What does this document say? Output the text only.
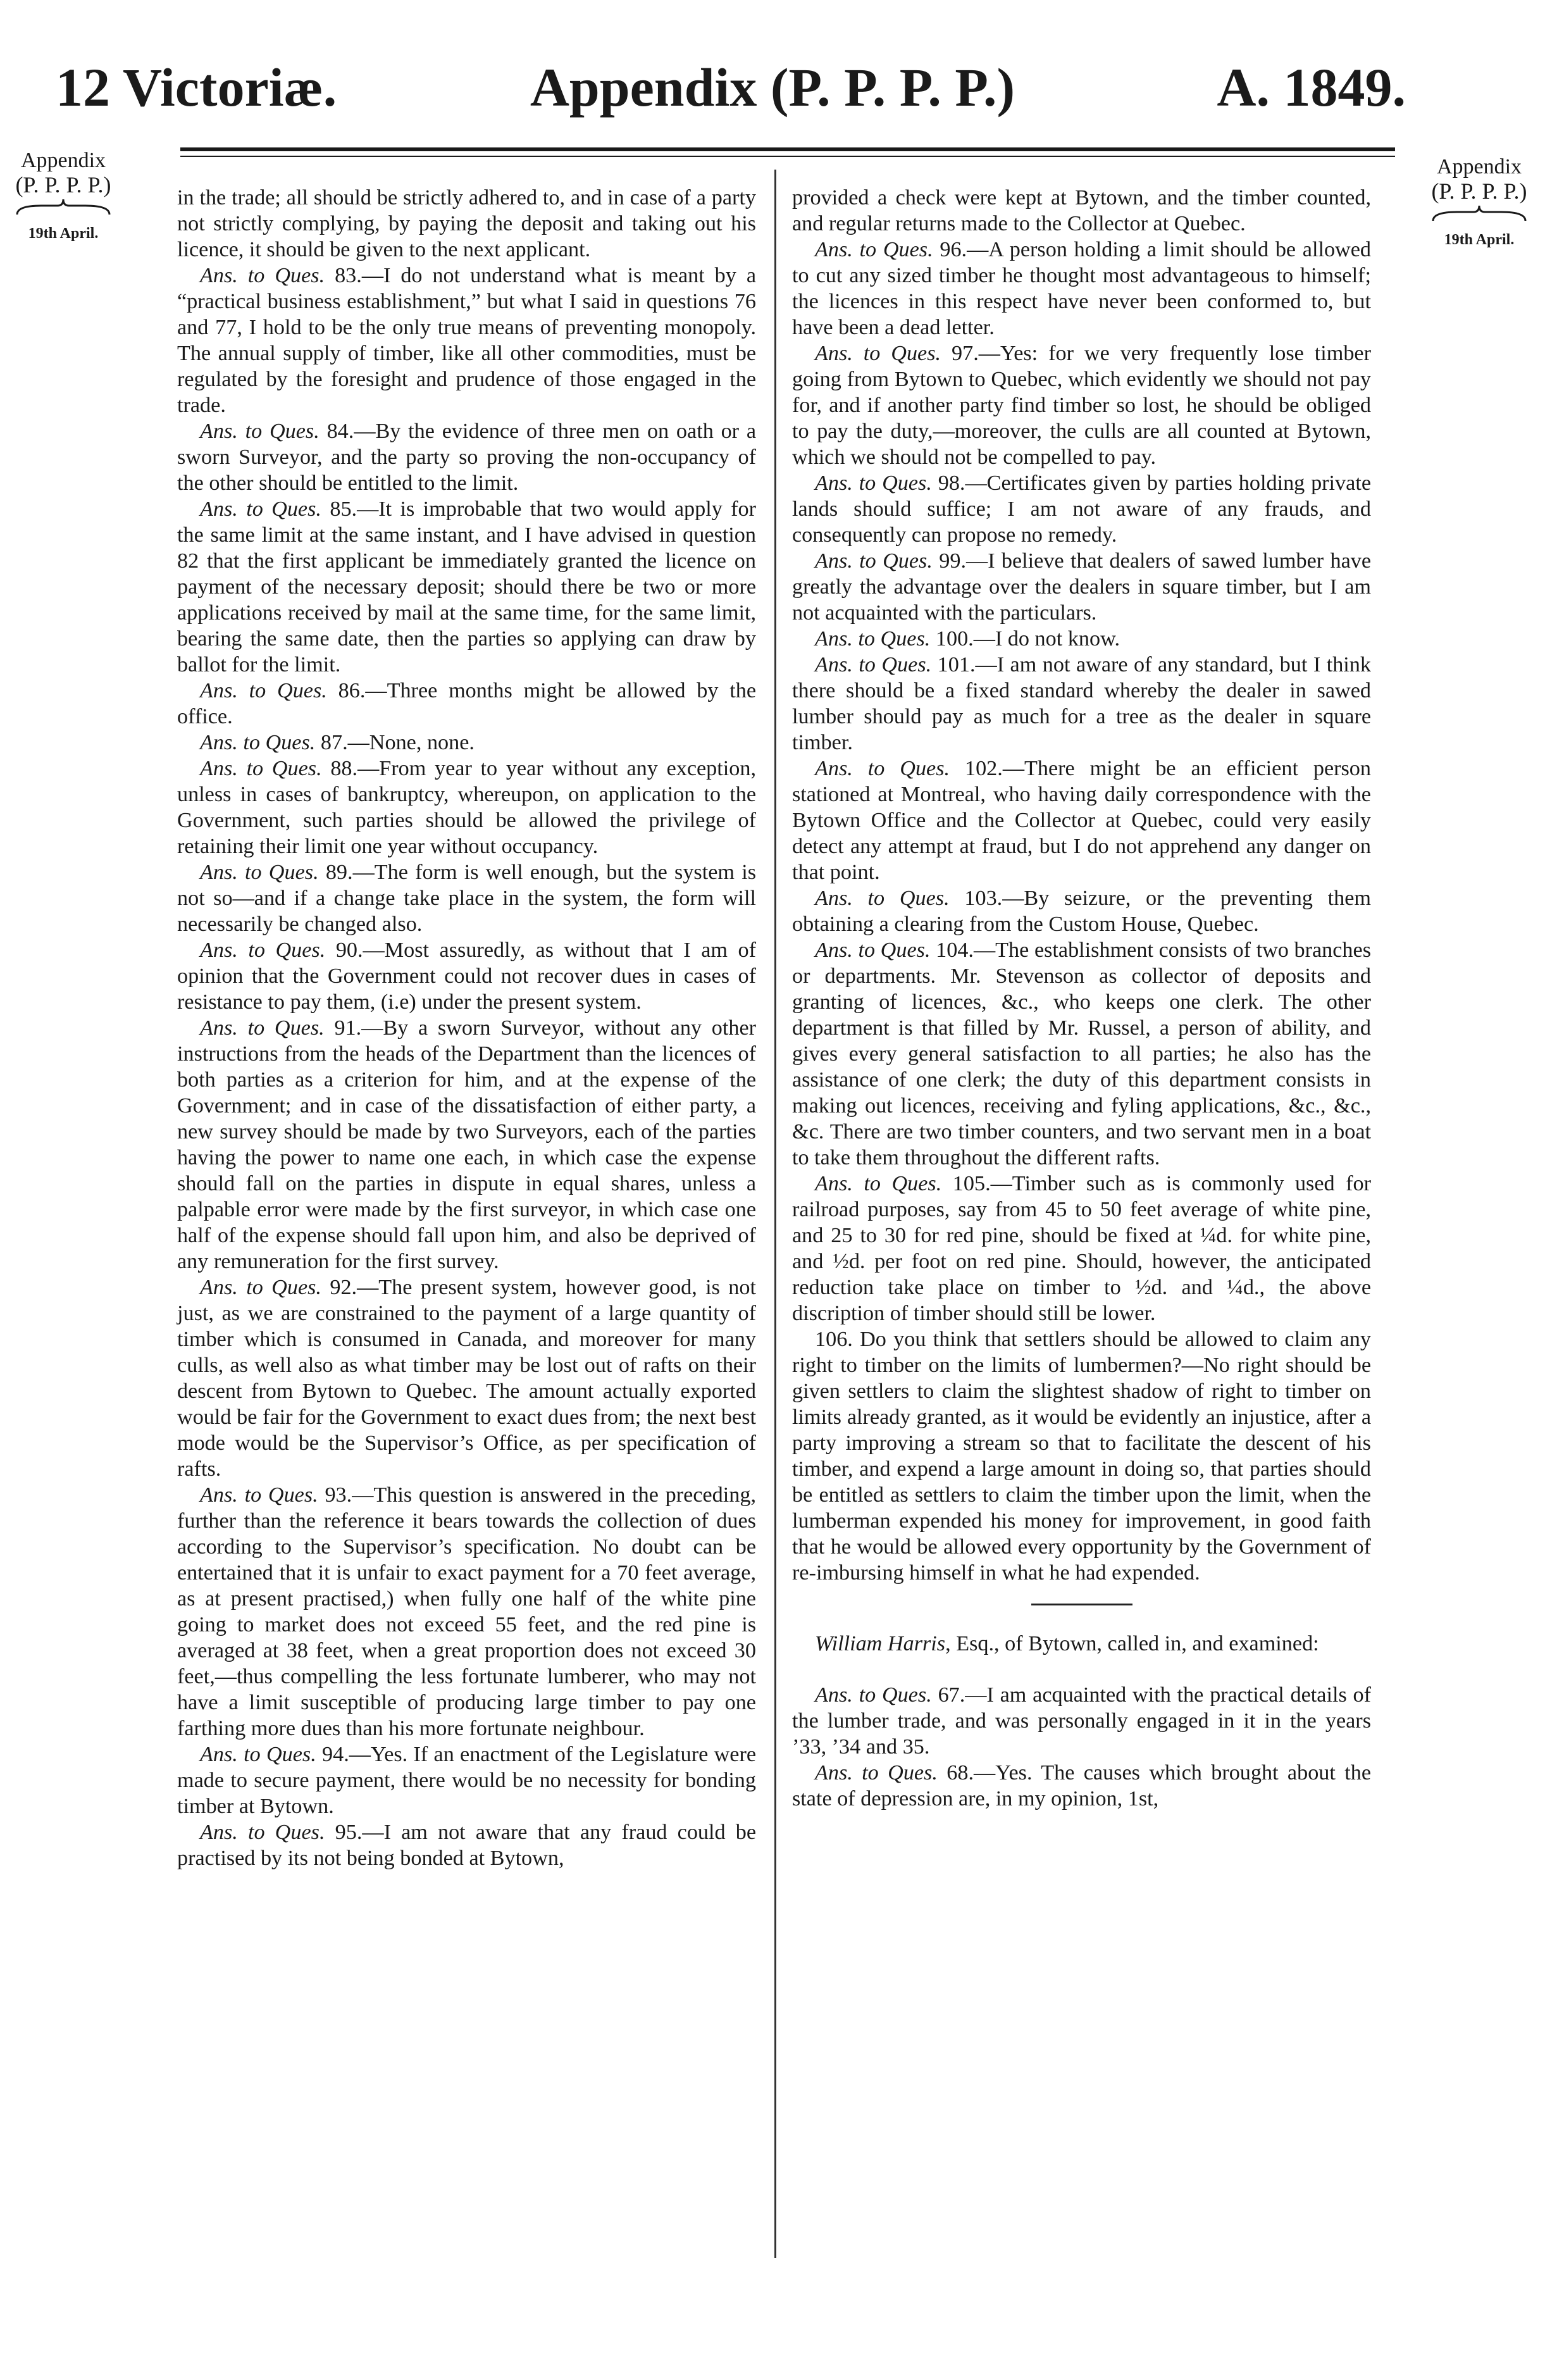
12 Victoriæ.	Appendix (P. P. P. P.)	A. 1849.
Appendix
(P. P. P. P.)
19th April.
Appendix
(P. P. P. P.)
19th April.

in the trade; all should be strictly adhered to, and in case of a party not strictly complying, by paying the deposit and taking out his licence, it should be given to the next applicant.

Ans. to Ques. 83.—I do not understand what is meant by a “practical business establishment,” but what I said in questions 76 and 77, I hold to be the only true means of preventing monopoly. The annual supply of timber, like all other commodities, must be regulated by the foresight and prudence of those engaged in the trade.

Ans. to Ques. 84.—By the evidence of three men on oath or a sworn Surveyor, and the party so proving the non-occupancy of the other should be entitled to the limit.

Ans. to Ques. 85.—It is improbable that two would apply for the same limit at the same instant, and I have advised in question 82 that the first applicant be immediately granted the licence on payment of the necessary deposit; should there be two or more applications received by mail at the same time, for the same limit, bearing the same date, then the parties so applying can draw by ballot for the limit.

Ans. to Ques. 86.—Three months might be allowed by the office.

Ans. to Ques. 87.—None, none.

Ans. to Ques. 88.—From year to year without any exception, unless in cases of bankruptcy, whereupon, on application to the Government, such parties should be allowed the privilege of retaining their limit one year without occupancy.

Ans. to Ques. 89.—The form is well enough, but the system is not so—and if a change take place in the system, the form will necessarily be changed also.

Ans. to Ques. 90.—Most assuredly, as without that I am of opinion that the Government could not recover dues in cases of resistance to pay them, (i.e) under the present system.

Ans. to Ques. 91.—By a sworn Surveyor, without any other instructions from the heads of the Department than the licences of both parties as a criterion for him, and at the expense of the Government; and in case of the dissatisfaction of either party, a new survey should be made by two Surveyors, each of the parties having the power to name one each, in which case the expense should fall on the parties in dispute in equal shares, unless a palpable error were made by the first surveyor, in which case one half of the expense should fall upon him, and also be deprived of any remuneration for the first survey.

Ans. to Ques. 92.—The present system, however good, is not just, as we are constrained to the payment of a large quantity of timber which is consumed in Canada, and moreover for many culls, as well also as what timber may be lost out of rafts on their descent from Bytown to Quebec. The amount actually exported would be fair for the Government to exact dues from; the next best mode would be the Supervisor’s Office, as per specification of rafts.

Ans. to Ques. 93.—This question is answered in the preceding, further than the reference it bears towards the collection of dues according to the Supervisor’s specification. No doubt can be entertained that it is unfair to exact payment for a 70 feet average, as at present practised,) when fully one half of the white pine going to market does not exceed 55 feet, and the red pine is averaged at 38 feet, when a great proportion does not exceed 30 feet,—thus compelling the less fortunate lumberer, who may not have a limit susceptible of producing large timber to pay one farthing more dues than his more fortunate neighbour.

Ans. to Ques. 94.—Yes. If an enactment of the Legislature were made to secure payment, there would be no necessity for bonding timber at Bytown.

Ans. to Ques. 95.—I am not aware that any fraud could be practised by its not being bonded at Bytown,

provided a check were kept at Bytown, and the timber counted, and regular returns made to the Collector at Quebec.

Ans. to Ques. 96.—A person holding a limit should be allowed to cut any sized timber he thought most advantageous to himself; the licences in this respect have never been conformed to, but have been a dead letter.

Ans. to Ques. 97.—Yes: for we very frequently lose timber going from Bytown to Quebec, which evidently we should not pay for, and if another party find timber so lost, he should be obliged to pay the duty,—moreover, the culls are all counted at Bytown, which we should not be compelled to pay.

Ans. to Ques. 98.—Certificates given by parties holding private lands should suffice; I am not aware of any frauds, and consequently can propose no remedy.

Ans. to Ques. 99.—I believe that dealers of sawed lumber have greatly the advantage over the dealers in square timber, but I am not acquainted with the particulars.

Ans. to Ques. 100.—I do not know.

Ans. to Ques. 101.—I am not aware of any standard, but I think there should be a fixed standard whereby the dealer in sawed lumber should pay as much for a tree as the dealer in square timber.

Ans. to Ques. 102.—There might be an efficient person stationed at Montreal, who having daily correspondence with the Bytown Office and the Collector at Quebec, could very easily detect any attempt at fraud, but I do not apprehend any danger on that point.

Ans. to Ques. 103.—By seizure, or the preventing them obtaining a clearing from the Custom House, Quebec.

Ans. to Ques. 104.—The establishment consists of two branches or departments. Mr. Stevenson as collector of deposits and granting of licences, &c., who keeps one clerk. The other department is that filled by Mr. Russel, a person of ability, and gives every general satisfaction to all parties; he also has the assistance of one clerk; the duty of this department consists in making out licences, receiving and fyling applications, &c., &c., &c. There are two timber counters, and two servant men in a boat to take them throughout the different rafts.

Ans. to Ques. 105.—Timber such as is commonly used for railroad purposes, say from 45 to 50 feet average of white pine, and 25 to 30 for red pine, should be fixed at ¼d. for white pine, and ½d. per foot on red pine. Should, however, the anticipated reduction take place on timber to ½d. and ¼d., the above discription of timber should still be lower.

106. Do you think that settlers should be allowed to claim any right to timber on the limits of lumbermen?—No right should be given settlers to claim the slightest shadow of right to timber on limits already granted, as it would be evidently an injustice, after a party improving a stream so that to facilitate the descent of his timber, and expend a large amount in doing so, that parties should be entitled as settlers to claim the timber upon the limit, when the lumberman expended his money for improvement, in good faith that he would be allowed every opportunity by the Government of re-imbursing himself in what he had expended.

William Harris, Esq., of Bytown, called in, and examined:

Ans. to Ques. 67.—I am acquainted with the practical details of the lumber trade, and was personally engaged in it in the years ’33, ’34 and 35.

Ans. to Ques. 68.—Yes. The causes which brought about the state of depression are, in my opinion, 1st,
